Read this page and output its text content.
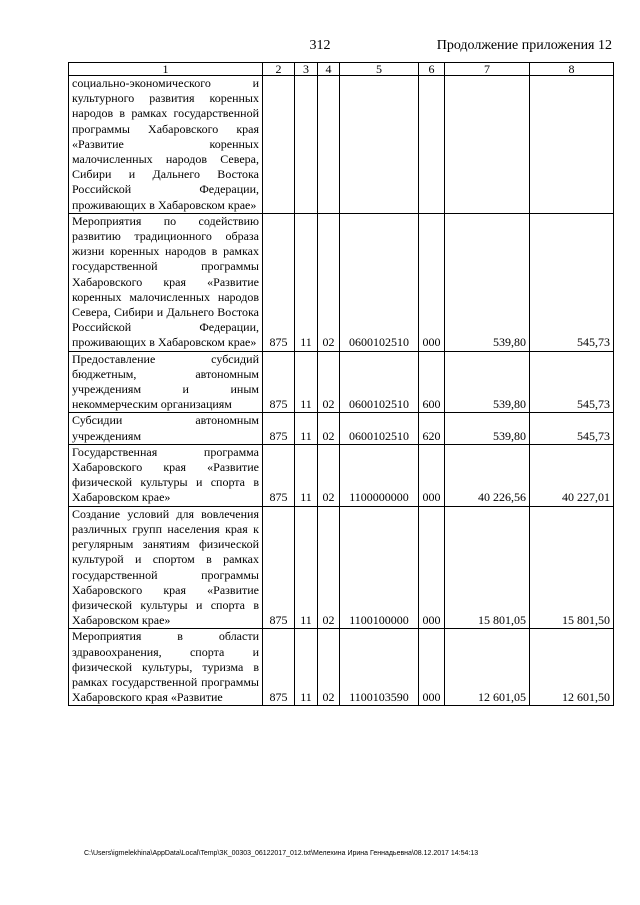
312	Продолжение приложения 12
1	2	3	4	5	6	7	8
социально-экономического и культурного развития коренных народов в рамках государственной программы Хабаровского края «Развитие коренных малочисленных народов Севера, Сибири и Дальнего Востока Российской Федерации, проживающих в Хабаровском крае»							
Мероприятия по содействию развитию традиционного образа жизни коренных народов в рамках государственной программы Хабаровского края «Развитие коренных малочисленных народов Севера, Сибири и Дальнего Востока Российской Федерации, проживающих в Хабаровском крае»	875	11	02	0600102510	000	539,80	545,73
Предоставление субсидий бюджетным, автономным учреждениям и иным некоммерческим организациям	875	11	02	0600102510	600	539,80	545,73
Субсидии автономным учреждениям	875	11	02	0600102510	620	539,80	545,73
Государственная программа Хабаровского края «Развитие физической культуры и спорта в Хабаровском крае»	875	11	02	1100000000	000	40 226,56	40 227,01
Создание условий для вовлечения различных групп населения края к регулярным занятиям физической культурой и спортом в рамках государственной программы Хабаровского края «Развитие физической культуры и спорта в Хабаровском крае»	875	11	02	1100100000	000	15 801,05	15 801,50
Мероприятия в области здравоохранения, спорта и физической культуры, туризма в рамках государственной программы Хабаровского края «Развитие	875	11	02	1100103590	000	12 601,05	12 601,50
C:\Users\igmelekhina\AppData\Local\Temp\ЗК_00303_06122017_012.txt\Мелехина Ирина Геннадьевна\08.12.2017 14:54:13
